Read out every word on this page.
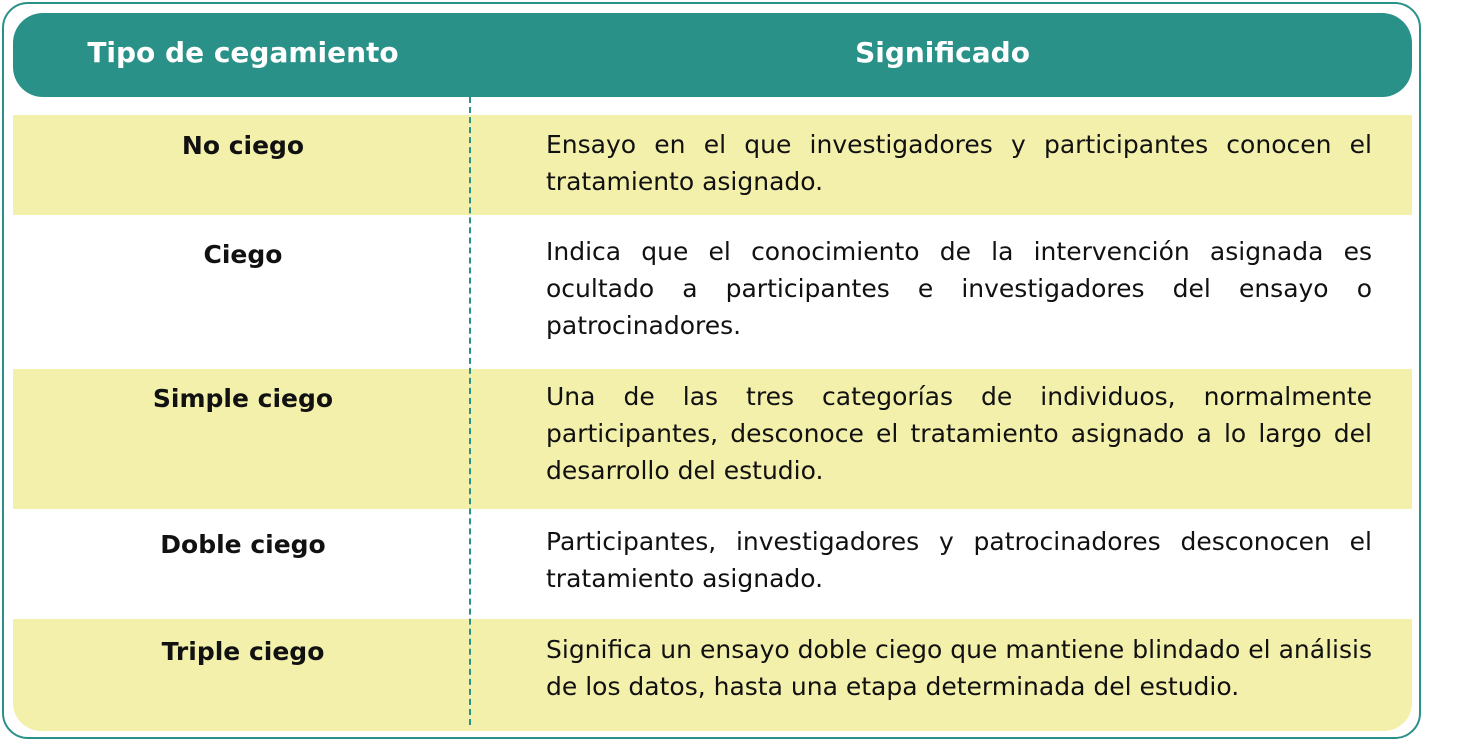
Tipo de cegamiento	Significado
No ciego	Ensayo en el que investigadores y participantes conocen el tratamiento asignado.
Ciego	Indica que el conocimiento de la intervención asignada es ocultado a participantes e investigadores del ensayo o patrocinadores.
Simple ciego	Una de las tres categorías de individuos, normalmente participantes, desconoce el tratamiento asignado a lo largo del desarrollo del estudio.
Doble ciego	Participantes, investigadores y patrocinadores desconocen el tratamiento asignado.
Triple ciego	Significa un ensayo doble ciego que mantiene blindado el análisis de los datos, hasta una etapa determinada del estudio.
